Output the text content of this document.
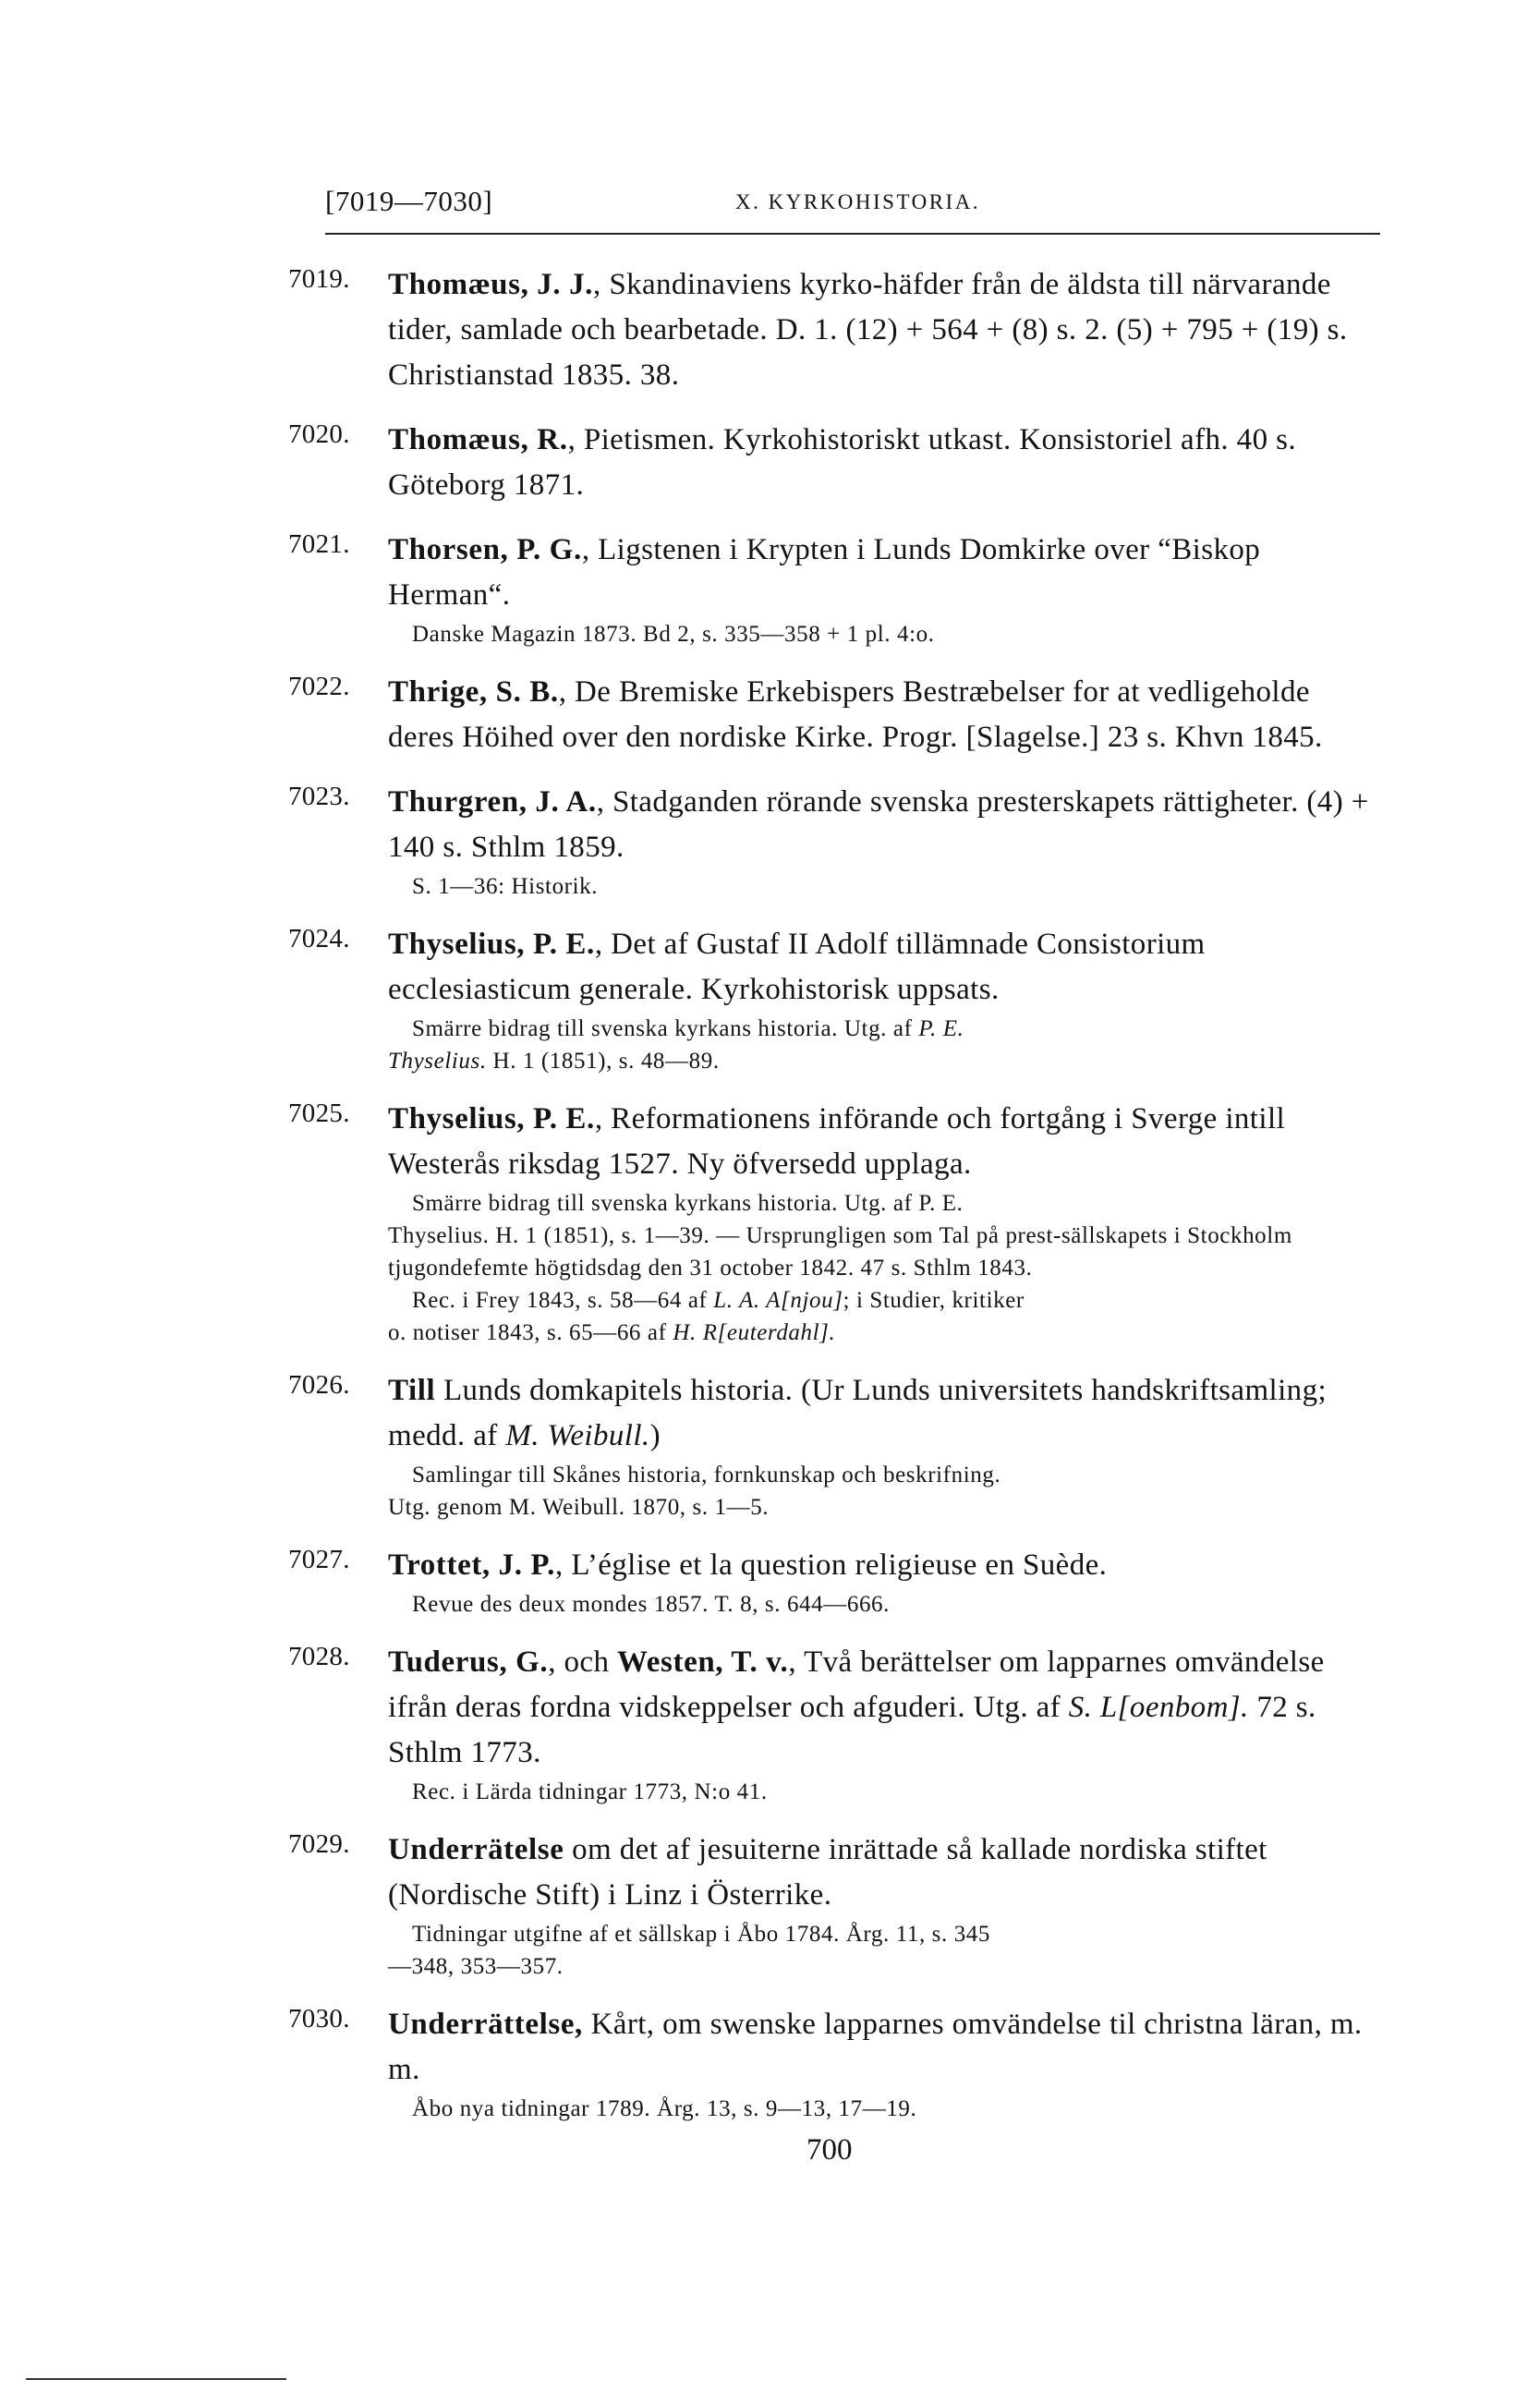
[7019—7030]	X. KYRKOHISTORIA.
7019. Thomæus, J. J., Skandinaviens kyrko-häfder från de äldsta till närvarande tider, samlade och bearbetade. D. 1. (12) + 564 + (8) s. 2. (5) + 795 + (19) s. Christianstad 1835. 38.
7020. Thomæus, R., Pietismen. Kyrkohistoriskt utkast. Konsistoriel afh. 40 s. Göteborg 1871.
7021. Thorsen, P. G., Ligstenen i Krypten i Lunds Domkirke over “Biskop Herman“.
Danske Magazin 1873. Bd 2, s. 335—358 + 1 pl. 4:o.
7022. Thrige, S. B., De Bremiske Erkebispers Bestræbelser for at vedligeholde deres Höihed over den nordiske Kirke. Progr. [Slagelse.] 23 s. Khvn 1845.
7023. Thurgren, J. A., Stadganden rörande svenska presterskapets rättigheter. (4) + 140 s. Sthlm 1859.
S. 1—36: Historik.
7024. Thyselius, P. E., Det af Gustaf II Adolf tillämnade Consistorium ecclesiasticum generale. Kyrkohistorisk uppsats.
Smärre bidrag till svenska kyrkans historia. Utg. af P. E.
Thyselius. H. 1 (1851), s. 48—89.
7025. Thyselius, P. E., Reformationens införande och fortgång i Sverge intill Westerås riksdag 1527. Ny öfversedd upplaga.
Smärre bidrag till svenska kyrkans historia. Utg. af P. E.
Thyselius. H. 1 (1851), s. 1—39. — Ursprungligen som Tal på prest-sällskapets i Stockholm tjugondefemte högtidsdag den 31 october 1842. 47 s. Sthlm 1843.
Rec. i Frey 1843, s. 58—64 af L. A. A[njou]; i Studier, kritiker
o. notiser 1843, s. 65—66 af H. R[euterdahl].
7026. Till Lunds domkapitels historia. (Ur Lunds universitets handskriftsamling; medd. af M. Weibull.)
Samlingar till Skånes historia, fornkunskap och beskrifning.
Utg. genom M. Weibull. 1870, s. 1—5.
7027. Trottet, J. P., L’église et la question religieuse en Suède.
Revue des deux mondes 1857. T. 8, s. 644—666.
7028. Tuderus, G., och Westen, T. v., Två berättelser om lapparnes omvändelse ifrån deras fordna vidskeppelser och afguderi. Utg. af S. L[oenbom]. 72 s. Sthlm 1773.
Rec. i Lärda tidningar 1773, N:o 41.
7029. Underrätelse om det af jesuiterne inrättade så kallade nordiska stiftet (Nordische Stift) i Linz i Österrike.
Tidningar utgifne af et sällskap i Åbo 1784. Årg. 11, s. 345
—348, 353—357.
7030. Underrättelse, Kårt, om swenske lapparnes omvändelse til christna läran, m. m.
Åbo nya tidningar 1789. Årg. 13, s. 9—13, 17—19.
700
